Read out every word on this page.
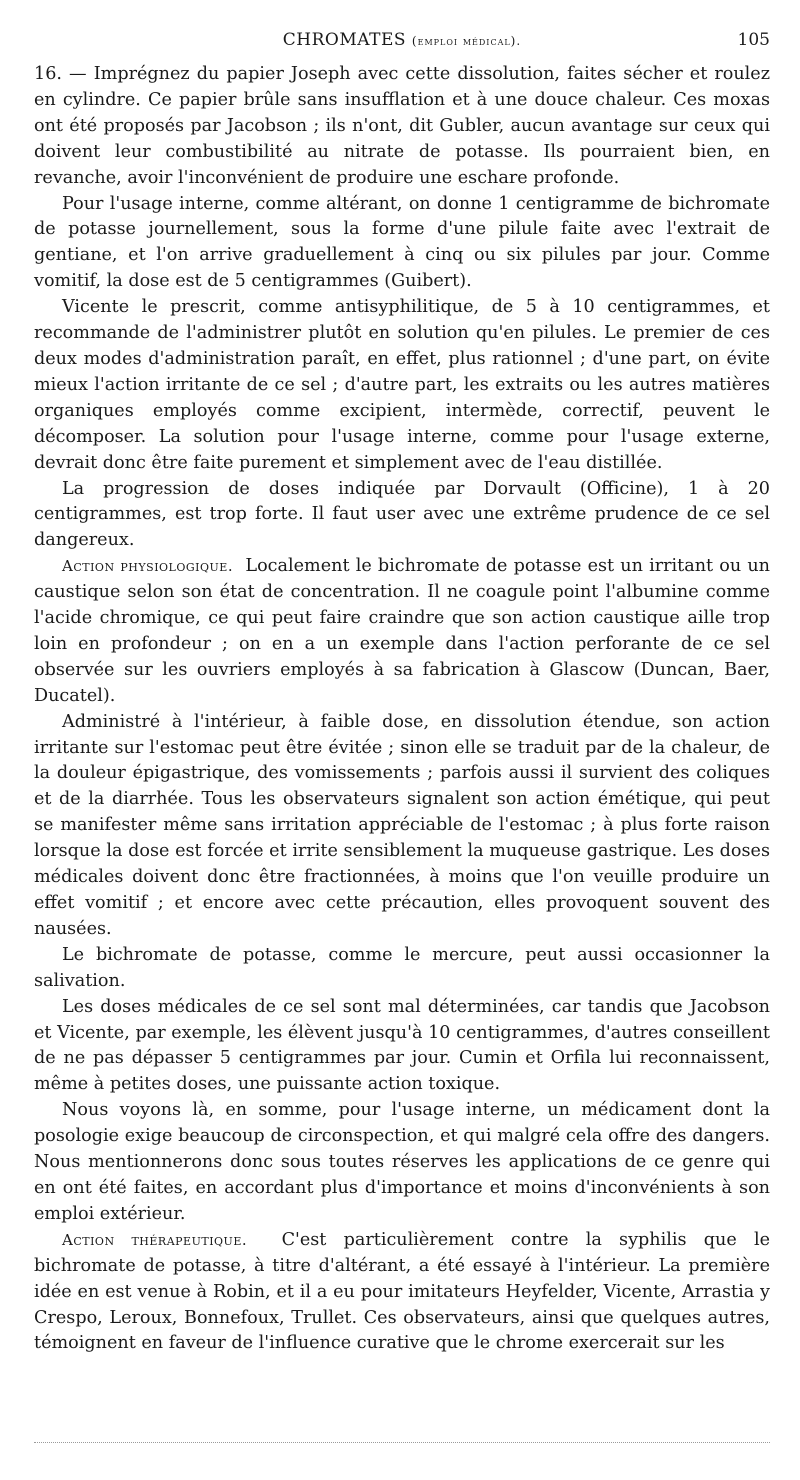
CHROMATES (emploi médical).	105

16. — Imprégnez du papier Joseph avec cette dissolution, faites sécher et roulez en cylindre. Ce papier brûle sans insufflation et à une douce chaleur. Ces moxas ont été proposés par Jacobson ; ils n'ont, dit Gubler, aucun avantage sur ceux qui doivent leur combustibilité au nitrate de potasse. Ils pourraient bien, en revanche, avoir l'inconvénient de produire une eschare profonde.

Pour l'usage interne, comme altérant, on donne 1 centigramme de bichromate de potasse journellement, sous la forme d'une pilule faite avec l'extrait de gentiane, et l'on arrive graduellement à cinq ou six pilules par jour. Comme vomitif, la dose est de 5 centigrammes (Guibert).

Vicente le prescrit, comme antisyphilitique, de 5 à 10 centigrammes, et recommande de l'administrer plutôt en solution qu'en pilules. Le premier de ces deux modes d'administration paraît, en effet, plus rationnel ; d'une part, on évite mieux l'action irritante de ce sel ; d'autre part, les extraits ou les autres matières organiques employés comme excipient, intermède, correctif, peuvent le décomposer. La solution pour l'usage interne, comme pour l'usage externe, devrait donc être faite purement et simplement avec de l'eau distillée.

La progression de doses indiquée par Dorvault (Officine), 1 à 20 centigrammes, est trop forte. Il faut user avec une extrême prudence de ce sel dangereux.

Action physiologique. Localement le bichromate de potasse est un irritant ou un caustique selon son état de concentration. Il ne coagule point l'albumine comme l'acide chromique, ce qui peut faire craindre que son action caustique aille trop loin en profondeur ; on en a un exemple dans l'action perforante de ce sel observée sur les ouvriers employés à sa fabrication à Glascow (Duncan, Baer, Ducatel).

Administré à l'intérieur, à faible dose, en dissolution étendue, son action irritante sur l'estomac peut être évitée ; sinon elle se traduit par de la chaleur, de la douleur épigastrique, des vomissements ; parfois aussi il survient des coliques et de la diarrhée. Tous les observateurs signalent son action émétique, qui peut se manifester même sans irritation appréciable de l'estomac ; à plus forte raison lorsque la dose est forcée et irrite sensiblement la muqueuse gastrique. Les doses médicales doivent donc être fractionnées, à moins que l'on veuille produire un effet vomitif ; et encore avec cette précaution, elles provoquent souvent des nausées.

Le bichromate de potasse, comme le mercure, peut aussi occasionner la salivation.

Les doses médicales de ce sel sont mal déterminées, car tandis que Jacobson et Vicente, par exemple, les élèvent jusqu'à 10 centigrammes, d'autres conseillent de ne pas dépasser 5 centigrammes par jour. Cumin et Orfila lui reconnaissent, même à petites doses, une puissante action toxique.

Nous voyons là, en somme, pour l'usage interne, un médicament dont la posologie exige beaucoup de circonspection, et qui malgré cela offre des dangers. Nous mentionnerons donc sous toutes réserves les applications de ce genre qui en ont été faites, en accordant plus d'importance et moins d'inconvénients à son emploi extérieur.

Action thérapeutique. C'est particulièrement contre la syphilis que le bichromate de potasse, à titre d'altérant, a été essayé à l'intérieur. La première idée en est venue à Robin, et il a eu pour imitateurs Heyfelder, Vicente, Arrastia y Crespo, Leroux, Bonnefoux, Trullet. Ces observateurs, ainsi que quelques autres, témoignent en faveur de l'influence curative que le chrome exercerait sur les
